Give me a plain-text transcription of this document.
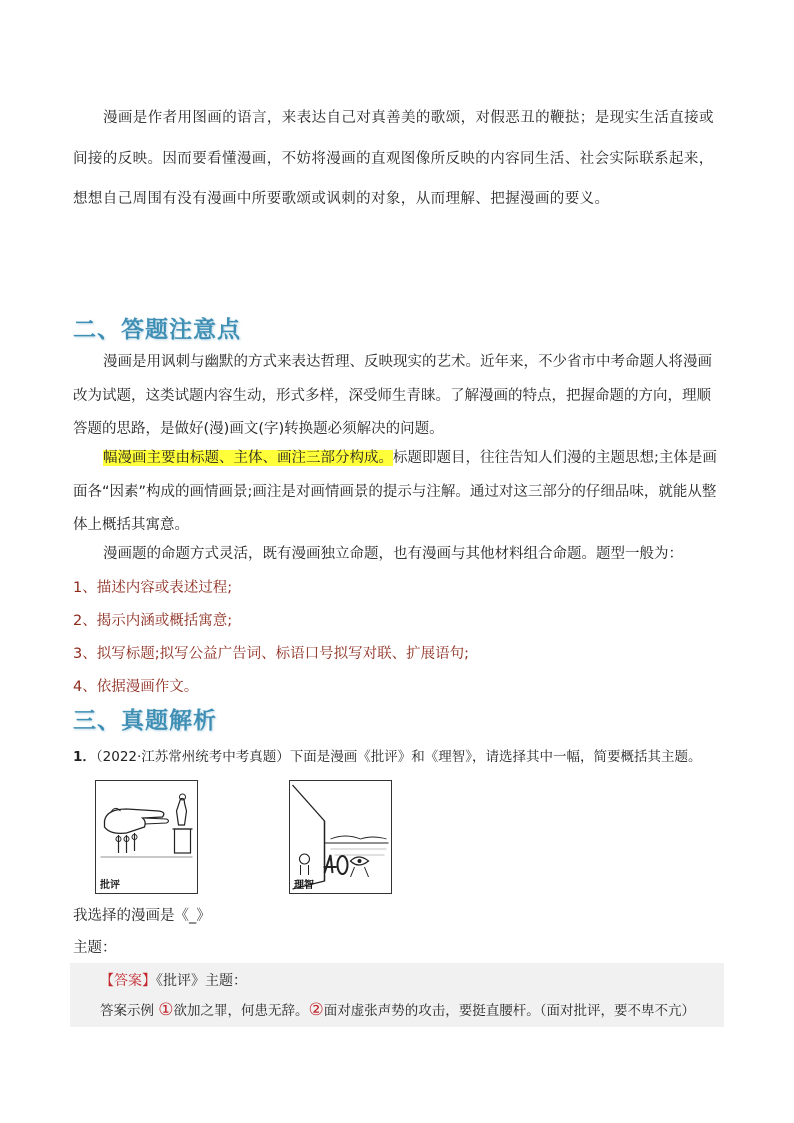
漫画是作者用图画的语言，来表达自己对真善美的歌颂，对假恶丑的鞭挞；是现实生活直接或间接的反映。因而要看懂漫画，不妨将漫画的直观图像所反映的内容同生活、社会实际联系起来，想想自己周围有没有漫画中所要歌颂或讽刺的对象，从而理解、把握漫画的要义。

二、答题注意点

漫画是用讽刺与幽默的方式来表达哲理、反映现实的艺术。近年来，不少省市中考命题人将漫画改为试题，这类试题内容生动，形式多样，深受师生青睐。了解漫画的特点，把握命题的方向，理顺答题的思路，是做好(漫)画文(字)转换题必须解决的问题。

幅漫画主要由标题、主体、画注三部分构成。标题即题目，往往告知人们漫的主题思想;主体是画面各“因素”构成的画情画景;画注是对画情画景的提示与注解。通过对这三部分的仔细品味，就能从整体上概括其寓意。

漫画题的命题方式灵活，既有漫画独立命题，也有漫画与其他材料组合命题。题型一般为：

1、描述内容或表述过程;
2、揭示内涵或概括寓意;
3、拟写标题;拟写公益广告词、标语口号拟写对联、扩展语句;
4、依据漫画作文。
三、真题解析

1．（2022·江苏常州统考中考真题）下面是漫画《批评》和《理智》，请选择其中一幅，简要概括其主题。

批评	理智

我选择的漫画是《_》

主题：

【答案】《批评》主题：

答案示例 ①欲加之罪，何患无辞。②面对虚张声势的攻击，要挺直腰杆。（面对批评，要不卑不亢）
